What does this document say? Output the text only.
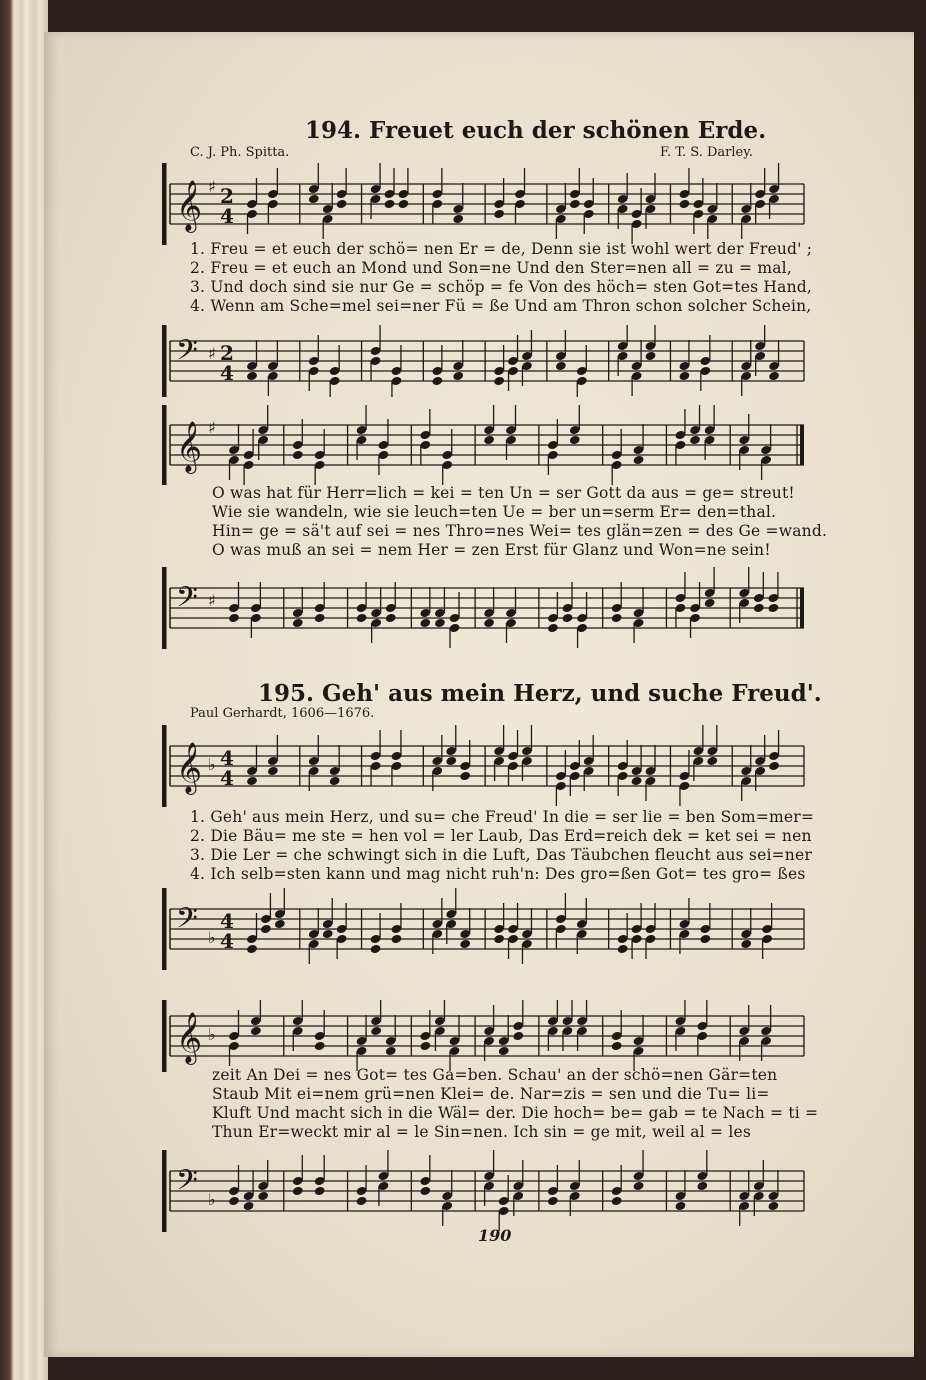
194. Freuet euch der schönen Erde.
C. J. Ph. Spitta.	F. T. S. Darley.
𝄞 ♯ 2
4
1. Freu = et euch der schö= nen Er = de, Denn sie ist wohl wert der Freud' ;
2. Freu = et euch an Mond und Son=ne Und den Ster=nen all = zu = mal,
3. Und doch sind sie nur Ge = schöp = fe Von des höch= sten Got=tes Hand,
4. Wenn am Sche=mel sei=ner Fü = ße Und am Thron schon solcher Schein,
𝄢 ♯ 2
4
𝄞 ♯
O was hat für Herr=lich = kei = ten Un = ser Gott da aus = ge= streut!
Wie sie wandeln, wie sie leuch=ten Ue = ber un=serm Er= den=thal.
Hin= ge = sä't auf sei = nes Thro=nes Wei= tes glän=zen = des Ge =wand.
O was muß an sei = nem Her = zen Erst für Glanz und Won=ne sein!
𝄢 ♯
195. Geh' aus mein Herz, und suche Freud'.
Paul Gerhardt, 1606—1676.
𝄞 ♭ 4
4
1. Geh' aus mein Herz, und su= che Freud' In die = ser lie = ben Som=mer=
2. Die Bäu= me ste = hen vol = ler Laub, Das Erd=reich dek = ket sei = nen
3. Die Ler = che schwingt sich in die Luft, Das Täubchen fleucht aus sei=ner
4. Ich selb=sten kann und mag nicht ruh'n: Des gro=ßen Got= tes gro= ßes
𝄢 ♭
4
4
𝄞 ♭
zeit An Dei = nes Got= tes Ga=ben. Schau' an der schö=nen Gär=ten
Staub Mit ei=nem grü=nen Klei= de. Nar=zis = sen und die Tu= li=
Kluft Und macht sich in die Wäl= der. Die hoch= be= gab = te Nach = ti =
Thun Er=weckt mir al = le Sin=nen. Ich sin = ge mit, weil al = les
𝄢 ♭
190
